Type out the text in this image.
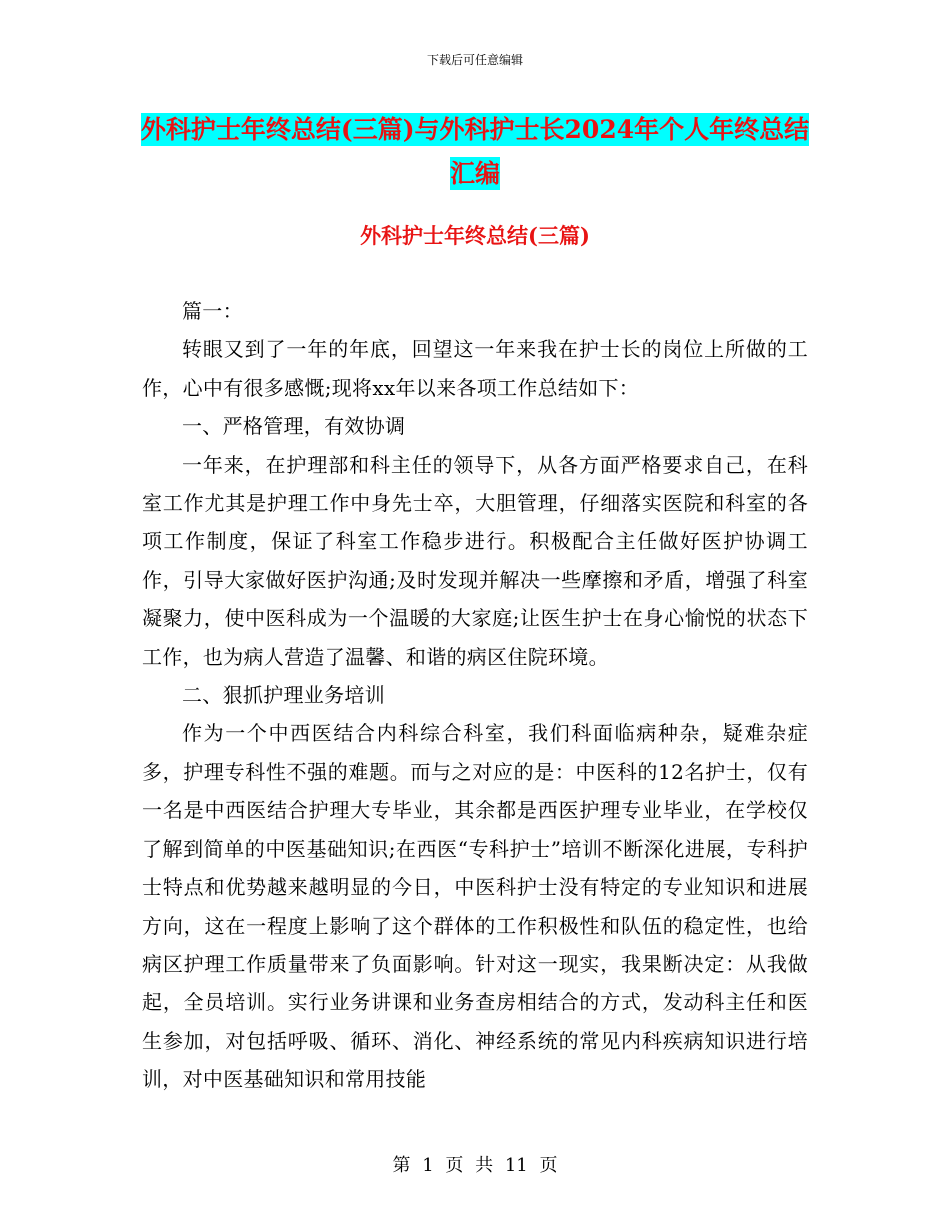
下载后可任意编辑
外科护士年终总结(三篇)与外科护士长2024年个人年终总结汇编
外科护士年终总结(三篇)

篇一：

转眼又到了一年的年底，回望这一年来我在护士长的岗位上所做的工作，心中有很多感慨;现将xx年以来各项工作总结如下：

一、严格管理，有效协调

一年来，在护理部和科主任的领导下，从各方面严格要求自己，在科室工作尤其是护理工作中身先士卒，大胆管理，仔细落实医院和科室的各项工作制度，保证了科室工作稳步进行。积极配合主任做好医护协调工作，引导大家做好医护沟通;及时发现并解决一些摩擦和矛盾，增强了科室凝聚力，使中医科成为一个温暖的大家庭;让医生护士在身心愉悦的状态下工作，也为病人营造了温馨、和谐的病区住院环境。

二、狠抓护理业务培训

作为一个中西医结合内科综合科室，我们科面临病种杂，疑难杂症多，护理专科性不强的难题。而与之对应的是：中医科的12名护士，仅有一名是中西医结合护理大专毕业，其余都是西医护理专业毕业，在学校仅了解到简单的中医基础知识;在西医“专科护士”培训不断深化进展，专科护士特点和优势越来越明显的今日，中医科护士没有特定的专业知识和进展方向，这在一程度上影响了这个群体的工作积极性和队伍的稳定性，也给病区护理工作质量带来了负面影响。针对这一现实，我果断决定：从我做起，全员培训。实行业务讲课和业务查房相结合的方式，发动科主任和医生参加，对包括呼吸、循环、消化、神经系统的常见内科疾病知识进行培训，对中医基础知识和常用技能

第 1 页 共 11 页
